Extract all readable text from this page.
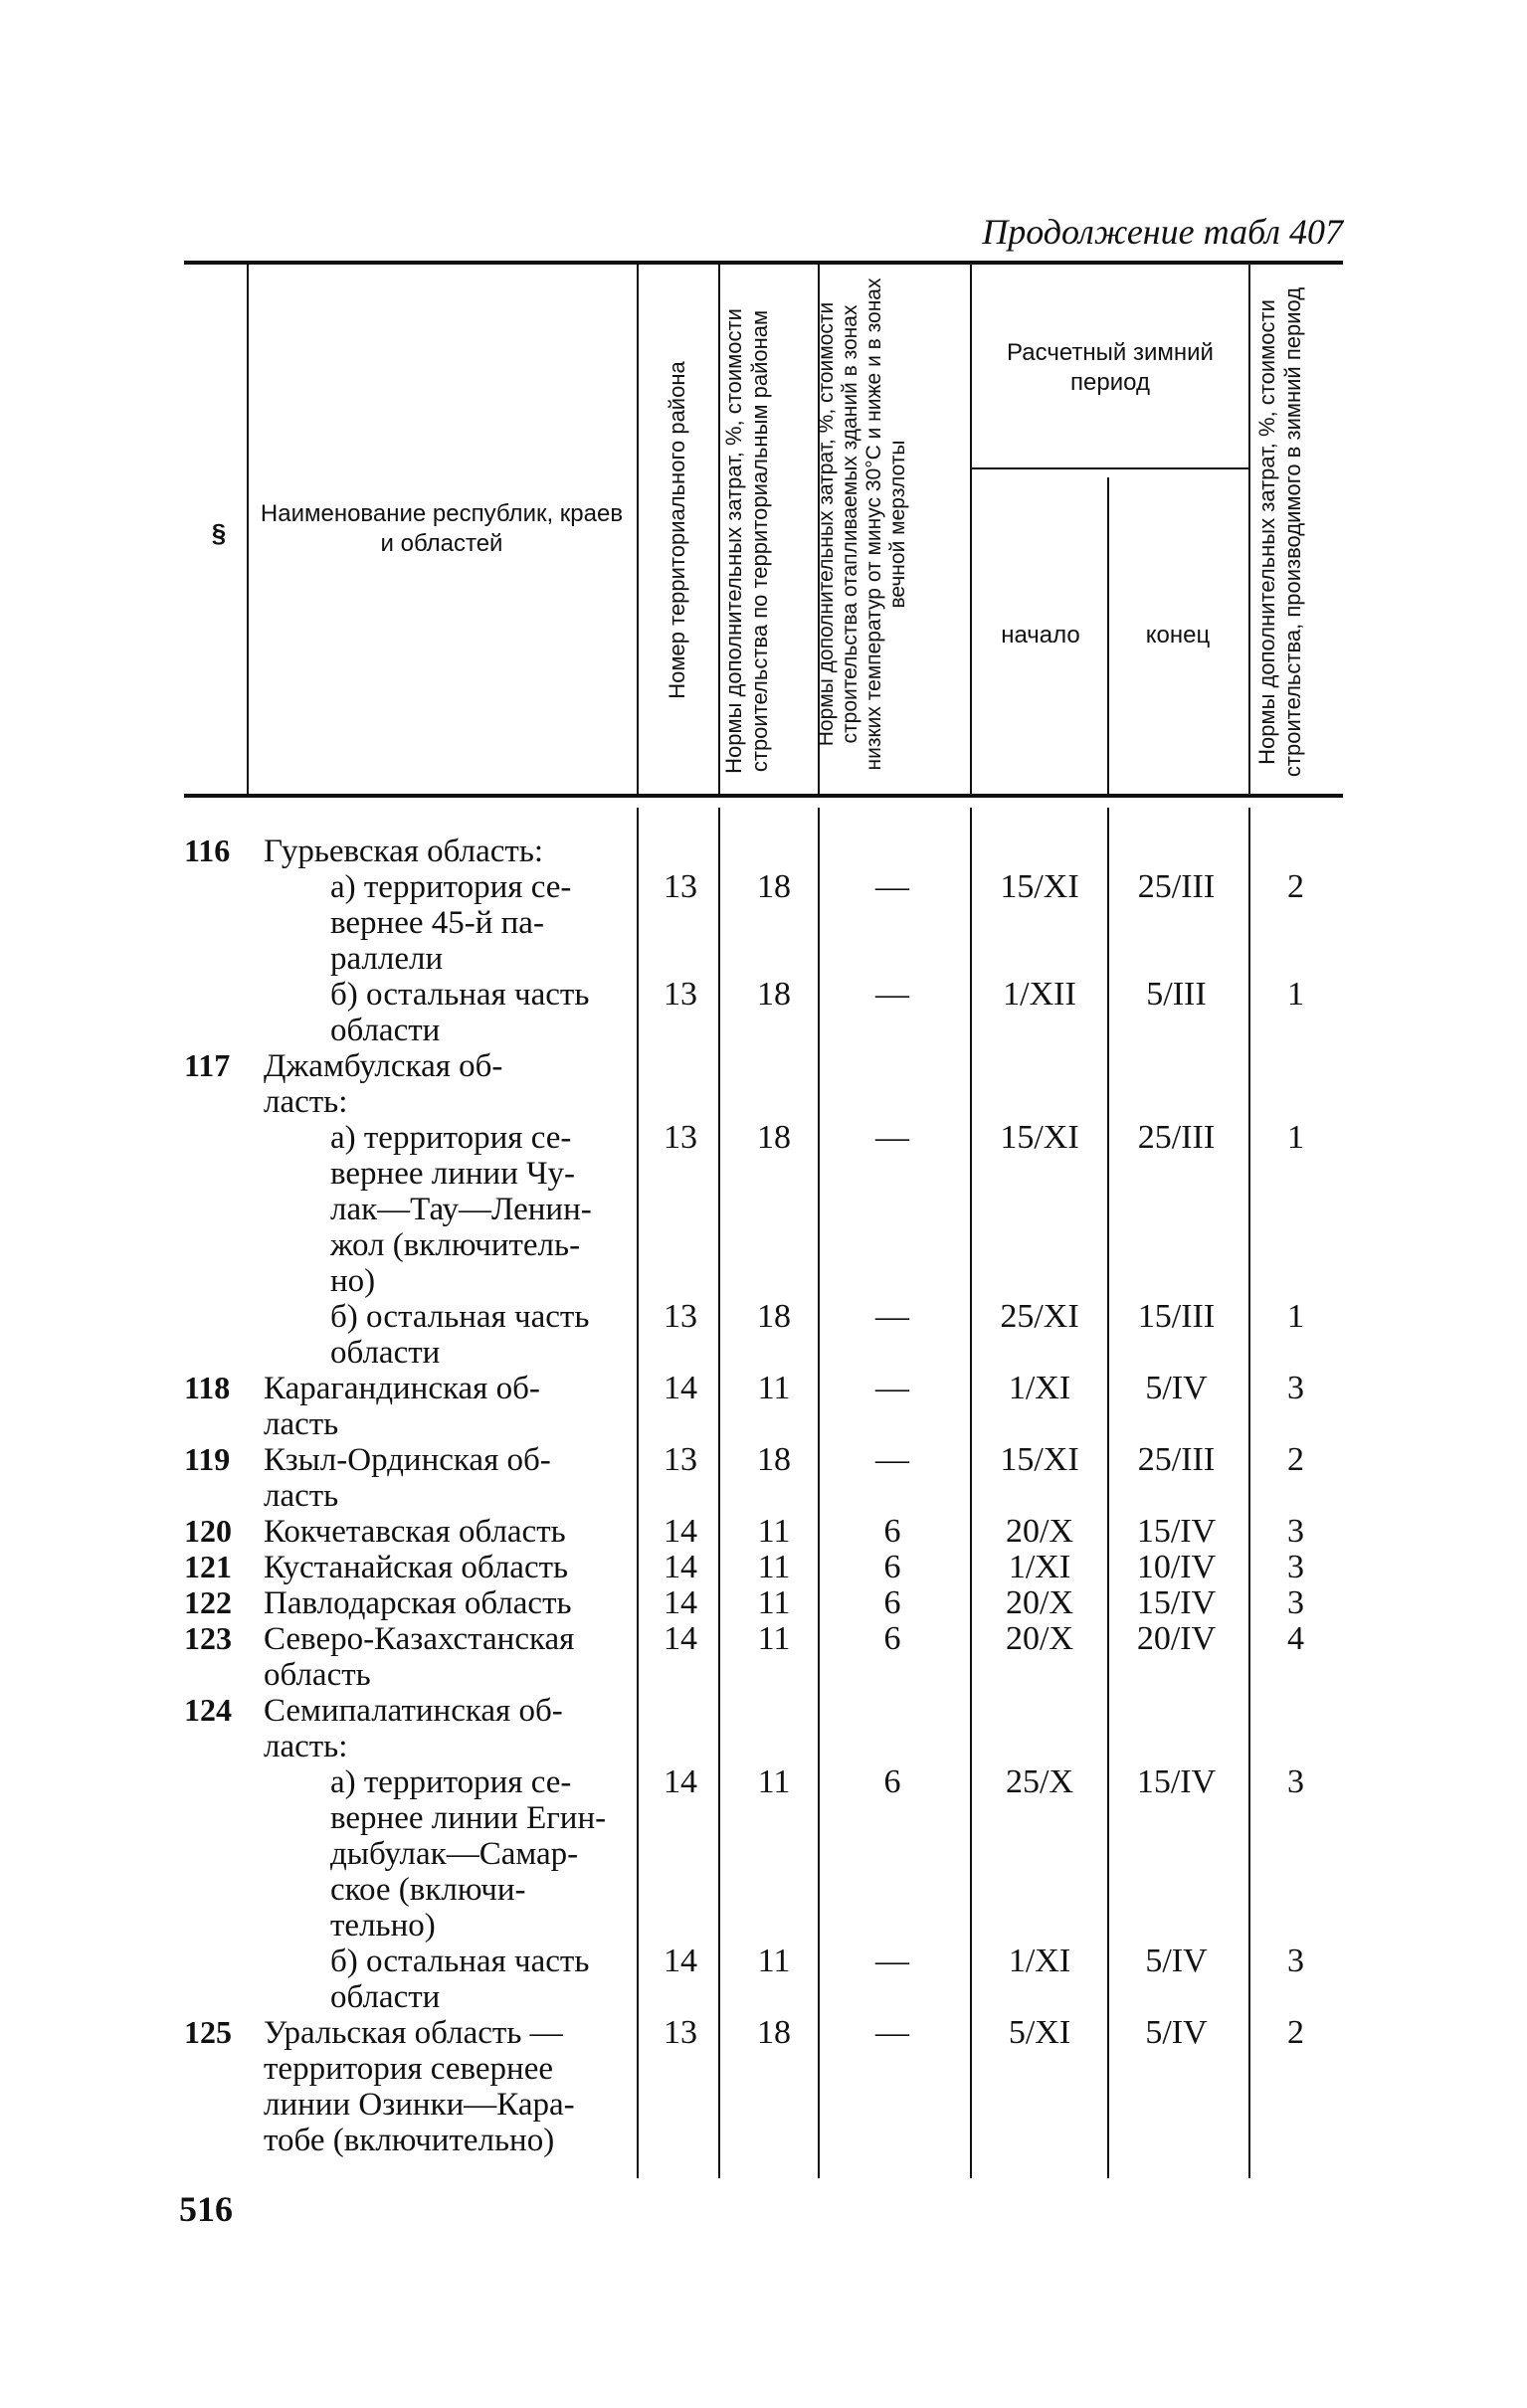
Продолжение табл 407
§
Наименование республик, краев и областей	Номер территориального района	Нормы дополнительных затрат, %, стоимости строительства по территориальным районам	Нормы дополнительных затрат, %, стоимости строительства отапливаемых зданий в зонах низких температур от минус 30°С и ниже и в зонах вечной мерзлоты
Расчетный зимний период
начало	конец	Нормы дополнительных затрат, %, стоимости строительства, производимого в зимний период
116 Гурьевская область:
а) территория се-
вернее 45-й па-
раллели
13	18	—	15/XI	25/III	2
б) остальная часть
области
13	18	—	1/XII	5/III	1
117 Джамбулская об-
ласть:
а) территория се-
вернее линии Чу-
лак—Тау—Ленин-
жол (включитель-
но)
13	18	—	15/XI	25/III	1
б) остальная часть
области
13	18	—	25/XI	15/III	1
118 Карагандинская об-
ласть
14	11	—	1/XI	5/IV	3
119 Кзыл-Ординская об-
ласть
13	18	—	15/XI	25/III	2
120 Кокчетавская область	14	11	6	20/X	15/IV	3
121 Кустанайская область	14	11	6	1/XI	10/IV	3
122 Павлодарская область	14	11	6	20/X	15/IV	3
123 Северо-Казахстанская
область
14	11	6	20/X	20/IV	4
124 Семипалатинская об-
ласть:
а) территория се-
вернее линии Егин-
дыбулак—Самар-
ское (включи-
тельно)
14	11	6	25/X	15/IV	3
б) остальная часть
области
14	11	—	1/XI	5/IV	3
125 Уральская область —
территория севернее
линии Озинки—Кара-
тобе (включительно)
13	18	—	5/XI	5/IV	2
516
